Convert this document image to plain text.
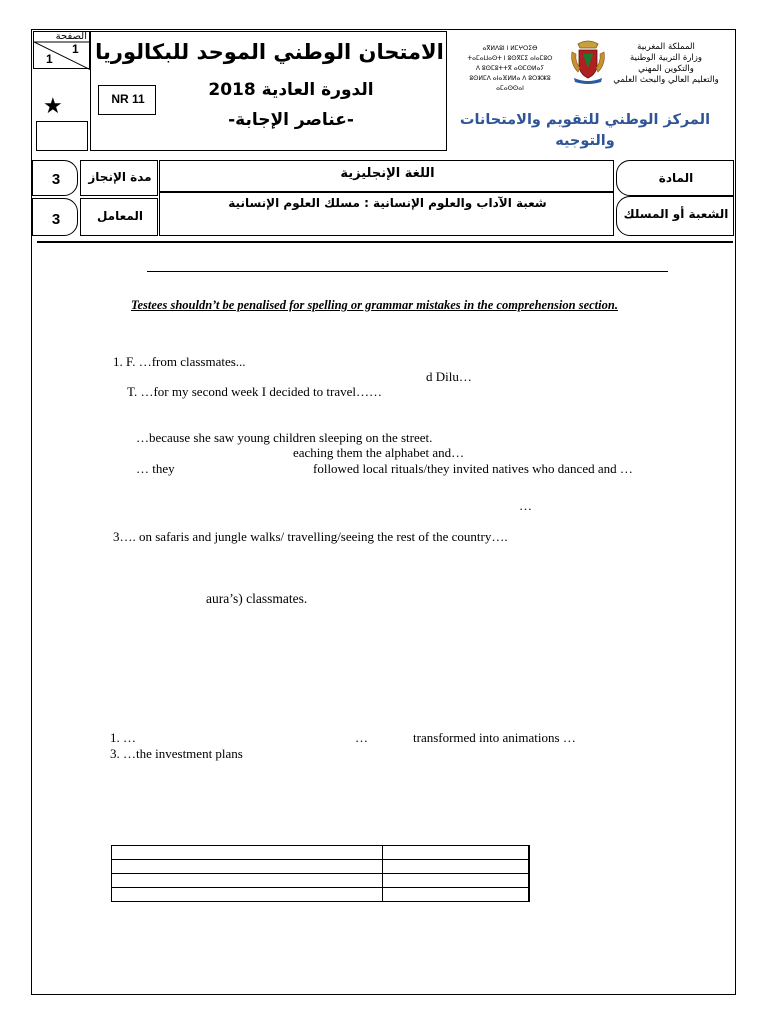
الصفحة
1
1
★
الامتحان الوطني الموحد للبكالوريا
الدورة العادية 2018
-عناصر الإجابة-
NR 11
ⴰⴳⵍⴷⵓⵏ ⵏ ⵍⵎⵖⵔⵉⴱ
ⵜⴰⵎⴰⵡⴰⵙⵜ ⵏ ⵓⵙⴳⵎⵉ ⴰⵏⴰⵎⵓⵔ
ⴷ ⵓⵙⵎⵓⵜⵜⴳ ⴰⵙⵎⵙⵍⴰⵢ
ⵓⵙⵍⵎⴷ ⴰⵏⴰⴼⵍⵍⴰ ⴷ ⵓⵔⵣⵣⵓ ⴰⵎⴰⵙⵙⴰⵏ
المملكة المغربية
وزارة التربية الوطنية
والتكوين المهني
والتعليم العالي والبحث العلمي
المركز الوطني للتقويم والامتحانات
والتوجيه
3
3
مدة الإنجاز
المعامل
اللغة الإنجليزية
شعبة الآداب والعلوم الإنسانية : مسلك العلوم الإنسانية
المادة
الشعبة أو المسلك
Testees shouldn’t be penalised for spelling or grammar mistakes in the comprehension section.
1. F. …from classmates...
d Dilu…
T. …for my second week I decided to travel……
…because she saw young children sleeping on the street.
eaching them the alphabet and…
… they	followed local rituals/they invited natives who danced and …
…
3…. on safaris and jungle walks/ travelling/seeing the rest of the country….
aura’s) classmates.
1. …	…	transformed into animations …
3. …the investment plans
